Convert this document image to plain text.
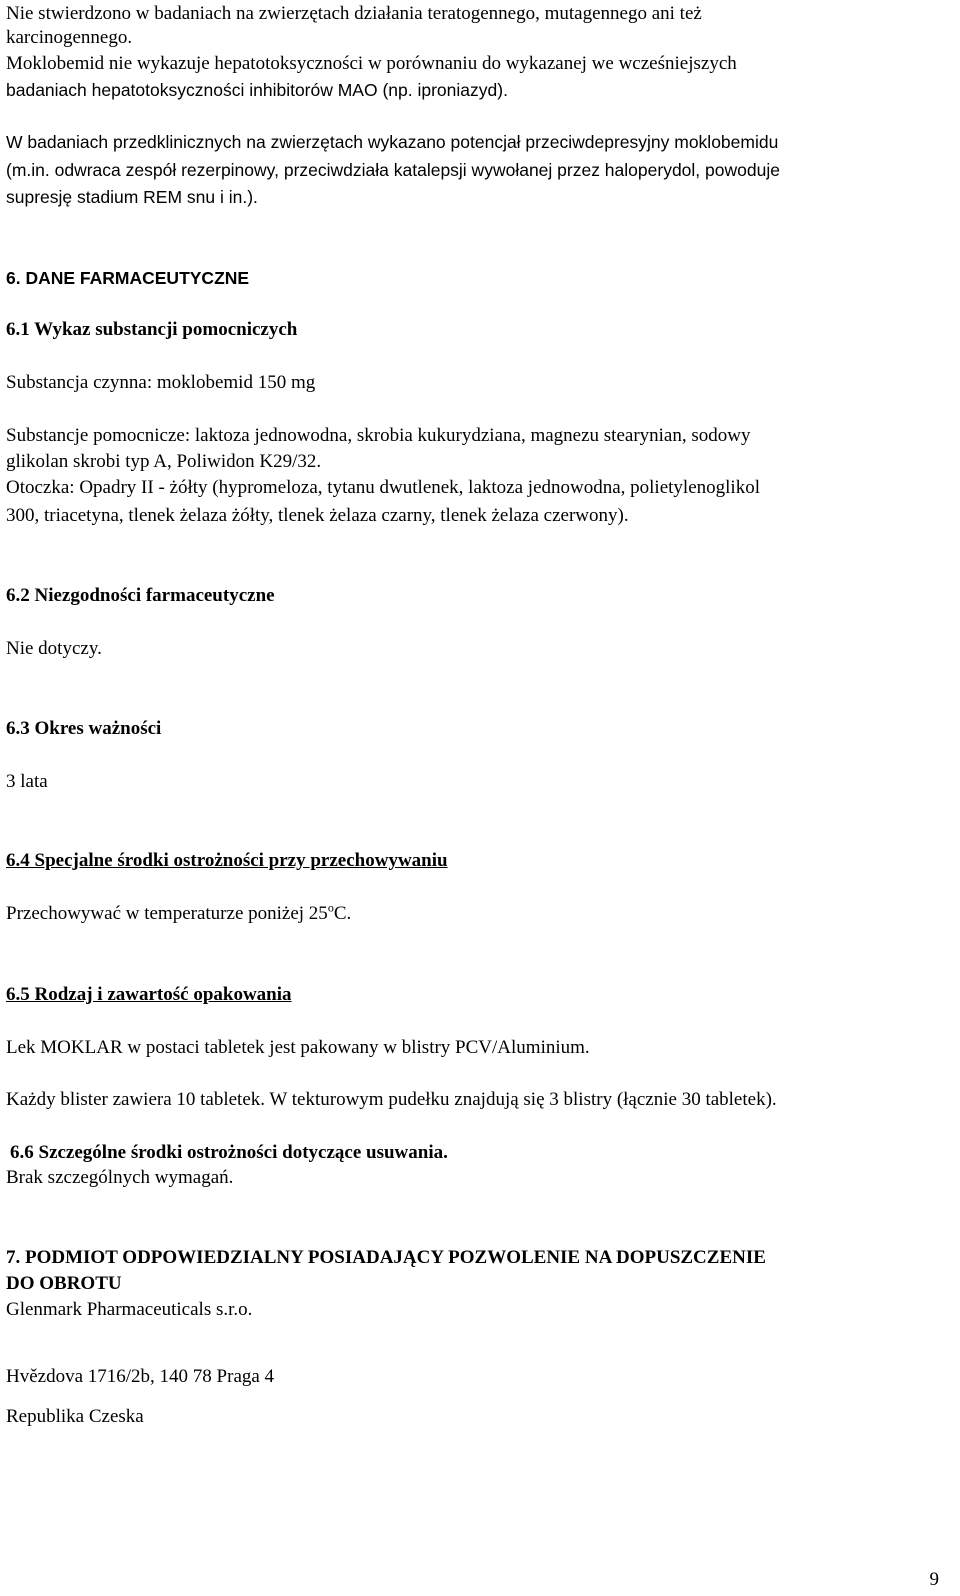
Nie stwierdzono w badaniach na zwierzętach działania teratogennego, mutagennego ani też

karcinogennego.

Moklobemid nie wykazuje hepatotoksyczności w porównaniu do wykazanej we wcześniejszych

badaniach hepatotoksyczności inhibitorów MAO (np. iproniazyd).

W badaniach przedklinicznych na zwierzętach wykazano potencjał przeciwdepresyjny moklobemidu

(m.in. odwraca zespół rezerpinowy, przeciwdziała katalepsji wywołanej przez haloperydol, powoduje

supresję stadium REM snu i in.).

6. DANE FARMACEUTYCZNE

6.1 Wykaz substancji pomocniczych

Substancja czynna: moklobemid 150 mg

Substancje pomocnicze: laktoza jednowodna, skrobia kukurydziana, magnezu stearynian, sodowy

glikolan skrobi typ A, Poliwidon K29/32.

Otoczka: Opadry II - żółty (hypromeloza, tytanu dwutlenek, laktoza jednowodna, polietylenoglikol

300, triacetyna, tlenek żelaza żółty, tlenek żelaza czarny, tlenek żelaza czerwony).

6.2 Niezgodności farmaceutyczne

Nie dotyczy.

6.3 Okres ważności

3 lata

6.4 Specjalne środki ostrożności przy przechowywaniu

Przechowywać w temperaturze poniżej 25$^o$C.

6.5 Rodzaj i zawartość opakowania

Lek MOKLAR w postaci tabletek jest pakowany w blistry PCV/Aluminium.

Każdy blister zawiera 10 tabletek. W tekturowym pudełku znajdują się 3 blistry (łącznie 30 tabletek).

6.6 Szczególne środki ostrożności dotyczące usuwania.

Brak szczególnych wymagań.

7. PODMIOT ODPOWIEDZIALNY POSIADAJĄCY POZWOLENIE NA DOPUSZCZENIE

DO OBROTU

Glenmark Pharmaceuticals s.r.o.

Hvězdova 1716/2b, 140 78 Praga 4

Republika Czeska

9
